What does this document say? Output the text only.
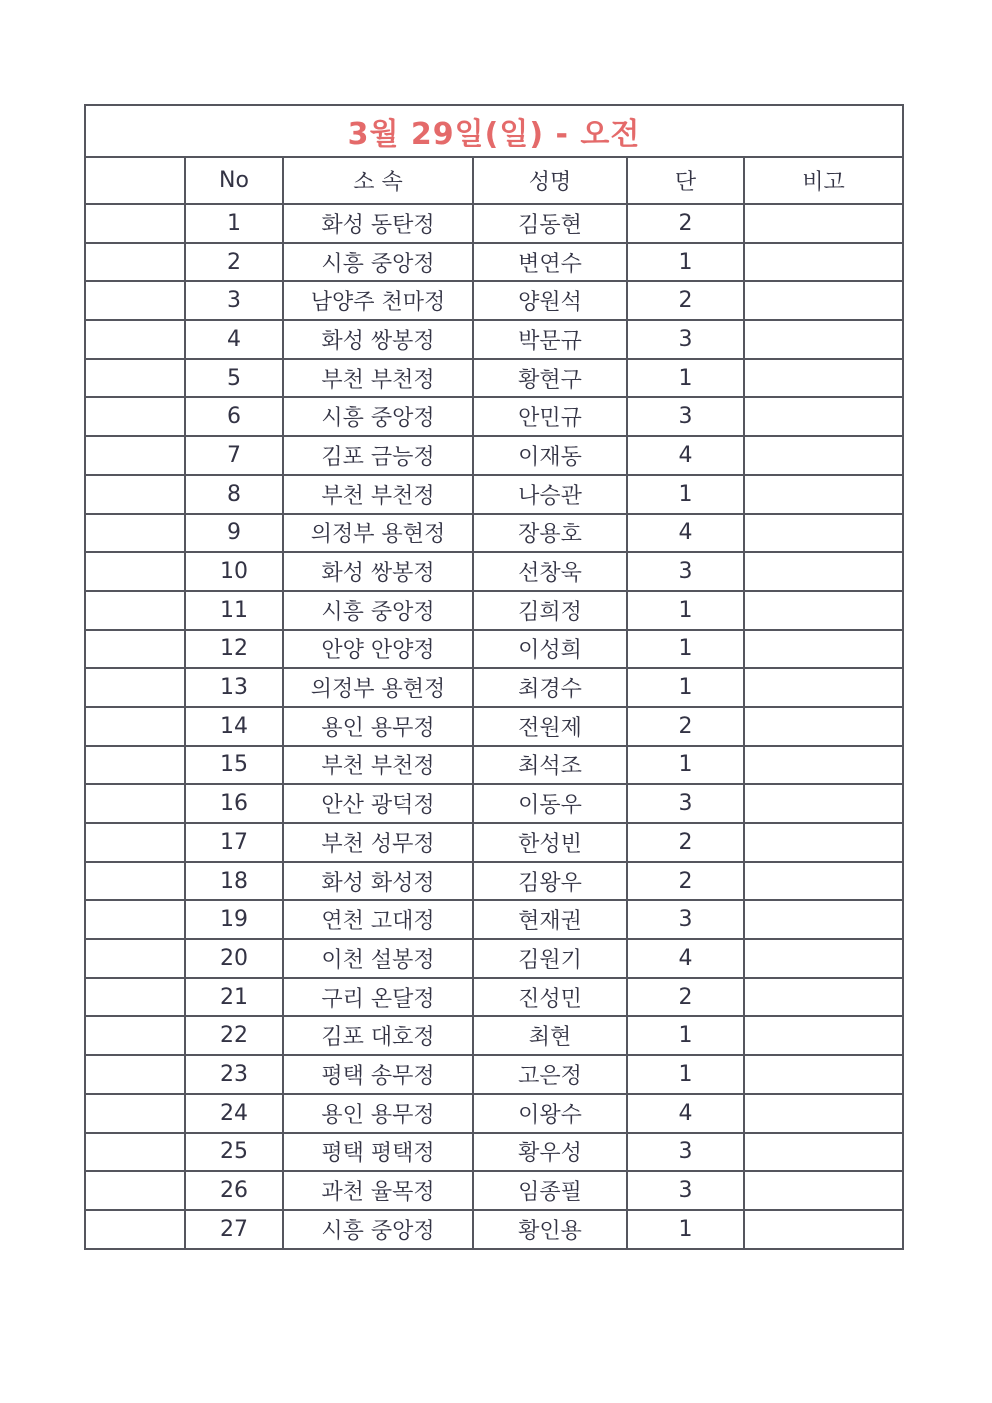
3월 29일(일) - 오전
	No	소 속	성명	단	비고
	1	화성 동탄정	김동현	2	
	2	시흥 중앙정	변연수	1	
	3	남양주 천마정	양원석	2	
	4	화성 쌍봉정	박문규	3	
	5	부천 부천정	황현구	1	
	6	시흥 중앙정	안민규	3	
	7	김포 금능정	이재동	4	
	8	부천 부천정	나승관	1	
	9	의정부 용현정	장용호	4	
	10	화성 쌍봉정	선창욱	3	
	11	시흥 중앙정	김희정	1	
	12	안양 안양정	이성희	1	
	13	의정부 용현정	최경수	1	
	14	용인 용무정	전원제	2	
	15	부천 부천정	최석조	1	
	16	안산 광덕정	이동우	3	
	17	부천 성무정	한성빈	2	
	18	화성 화성정	김왕우	2	
	19	연천 고대정	현재권	3	
	20	이천 설봉정	김원기	4	
	21	구리 온달정	진성민	2	
	22	김포 대호정	최현	1	
	23	평택 송무정	고은정	1	
	24	용인 용무정	이왕수	4	
	25	평택 평택정	황우성	3	
	26	과천 율목정	임종필	3	
	27	시흥 중앙정	황인용	1	
